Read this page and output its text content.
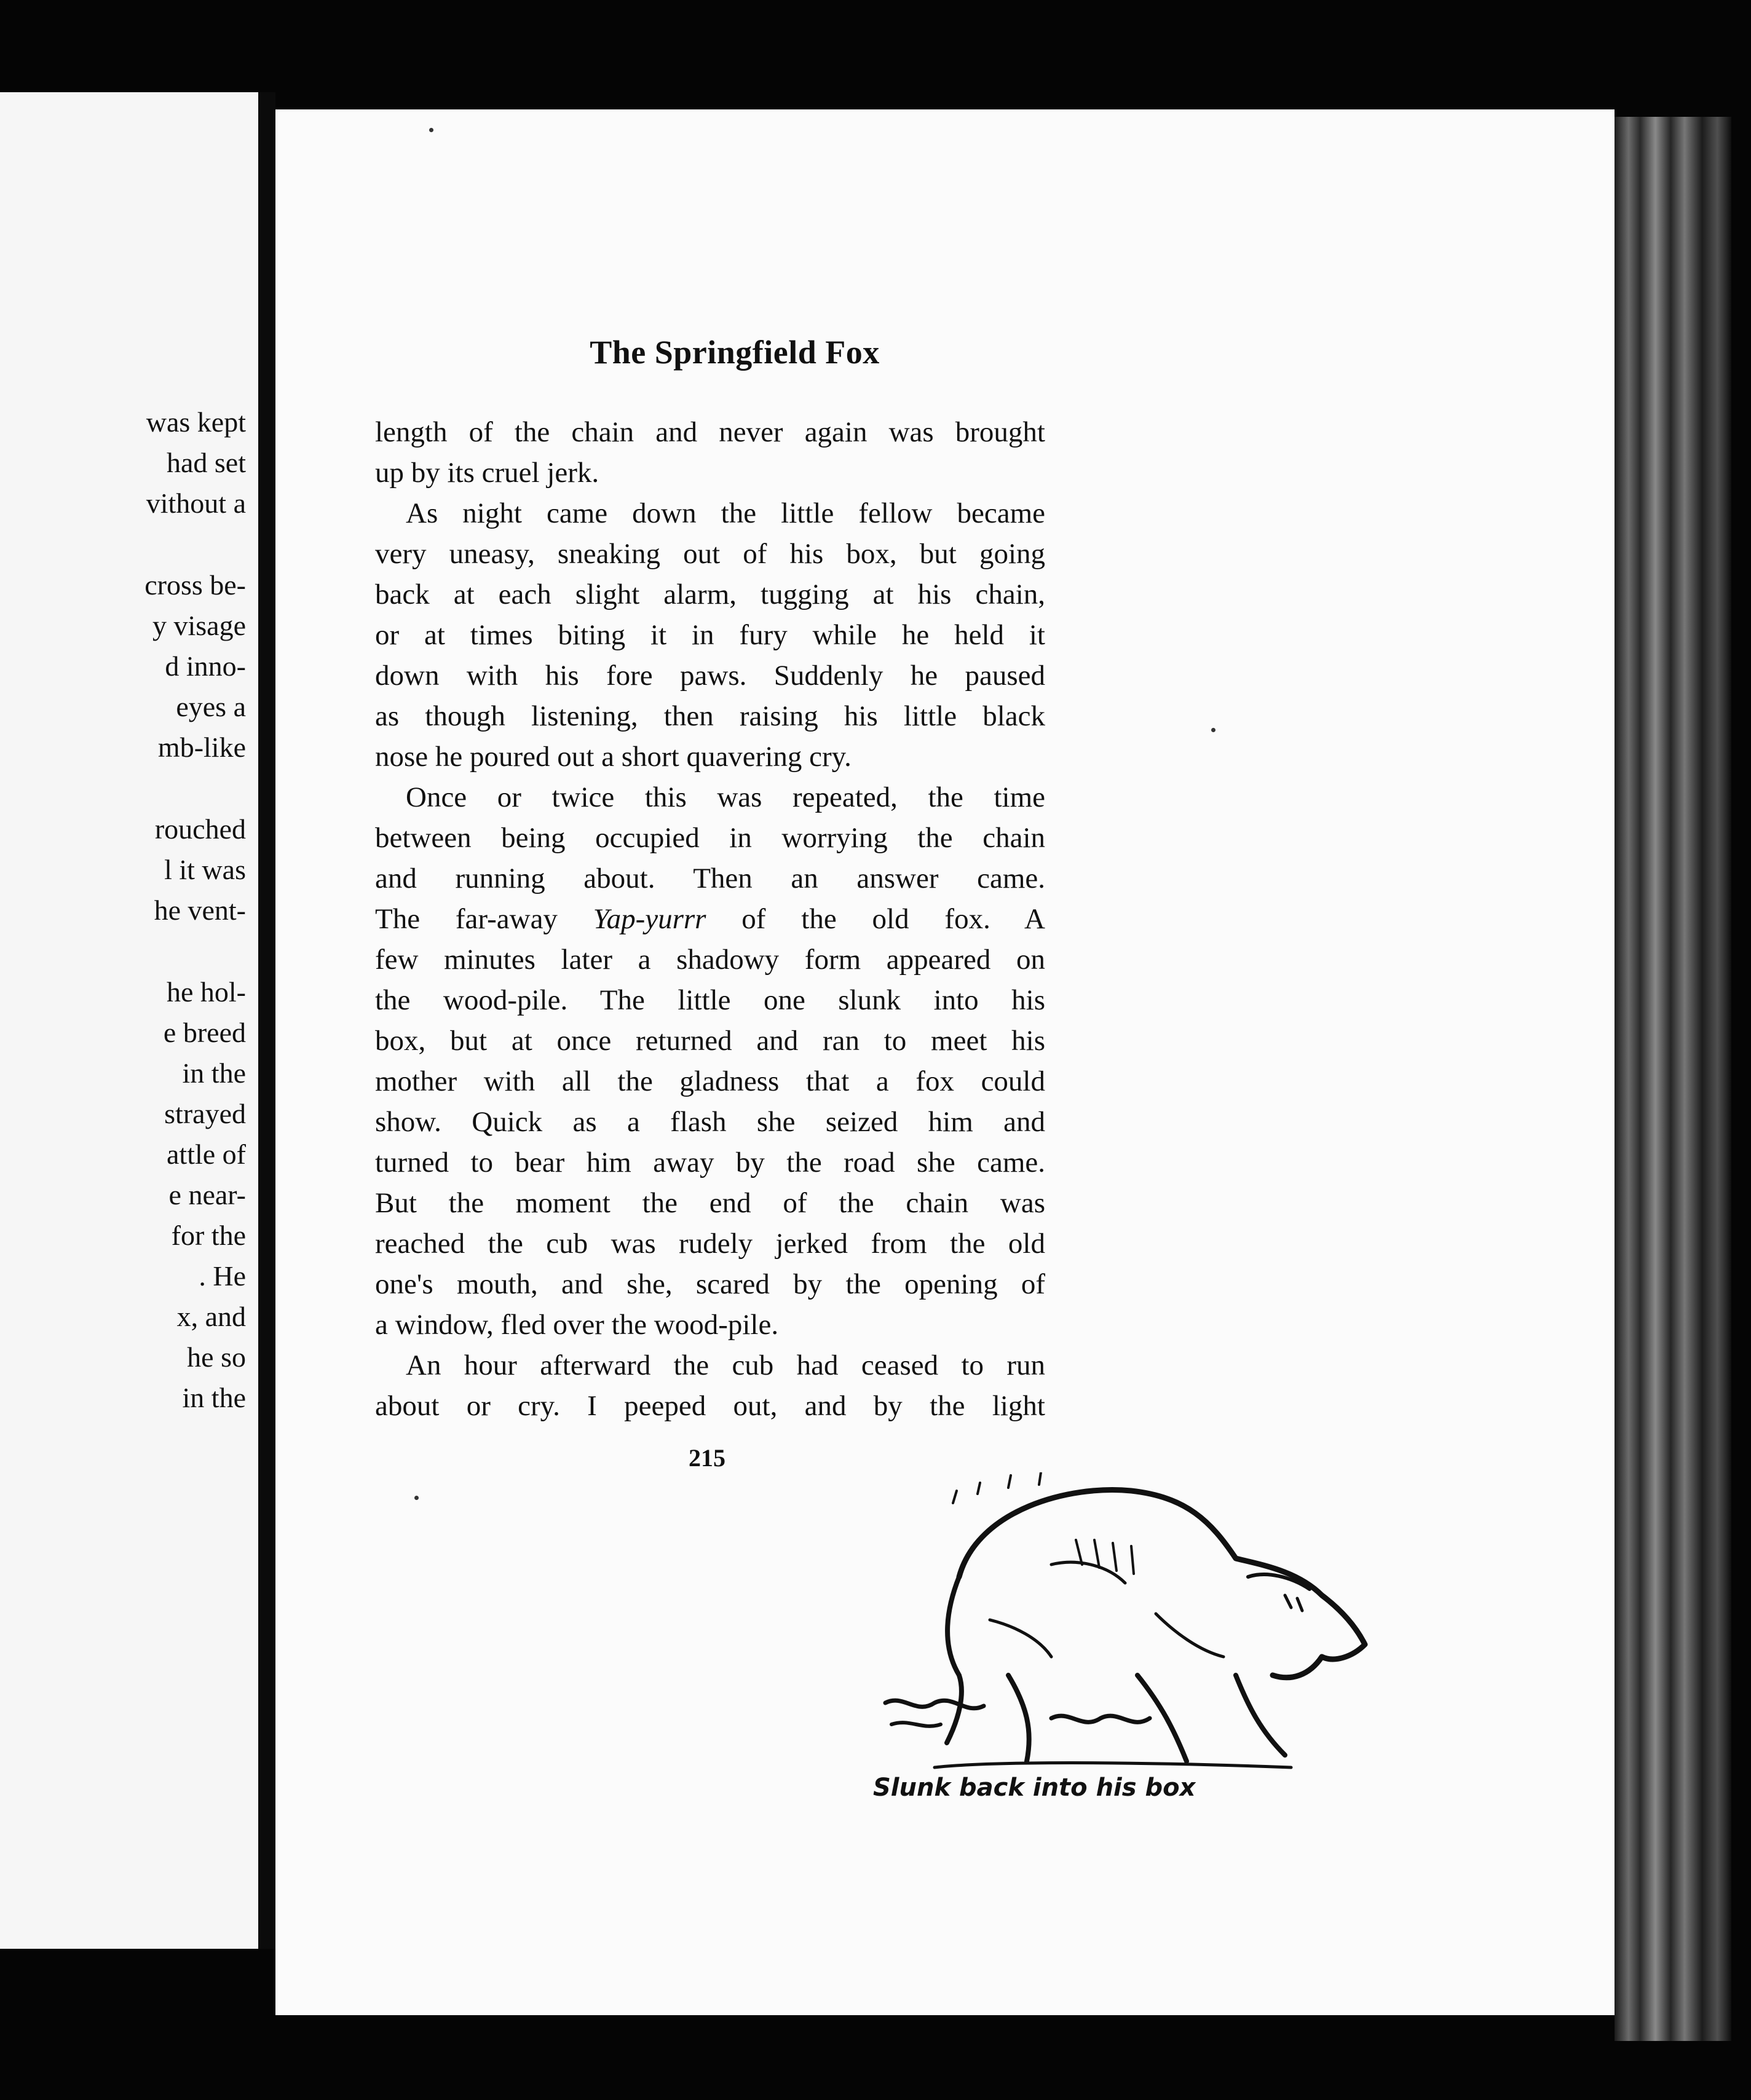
was kept
had set
vithout a
cross be-
y visage
d inno-
eyes a
mb-like
rouched
l it was
he vent-
he hol-
e breed
in the
strayed
attle of
e near-
for the
. He
x, and
he so
in the
The Springfield Fox
length of the chain and never again was brought
up by its cruel jerk.
As night came down the little fellow became
very uneasy, sneaking out of his box, but going
back at each slight alarm, tugging at his chain,
or at times biting it in fury while he held it
down with his fore paws. Suddenly he paused
as though listening, then raising his little black
nose he poured out a short quavering cry.
Once or twice this was repeated, the time
between being occupied in worrying the chain
and running about. Then an answer came.
The far-away Yap-yurrr of the old fox. A
few minutes later a shadowy form appeared on
the wood-pile. The little one slunk into his
box, but at once returned and ran to meet his
mother with all the gladness that a fox could
show. Quick as a flash she seized him and
turned to bear him away by the road she came.
But the moment the end of the chain was
reached the cub was rudely jerked from the old
one's mouth, and she, scared by the opening of
a window, fled over the wood-pile.
An hour afterward the cub had ceased to run
about or cry. I peeped out, and by the light
215
Slunk back into his box
